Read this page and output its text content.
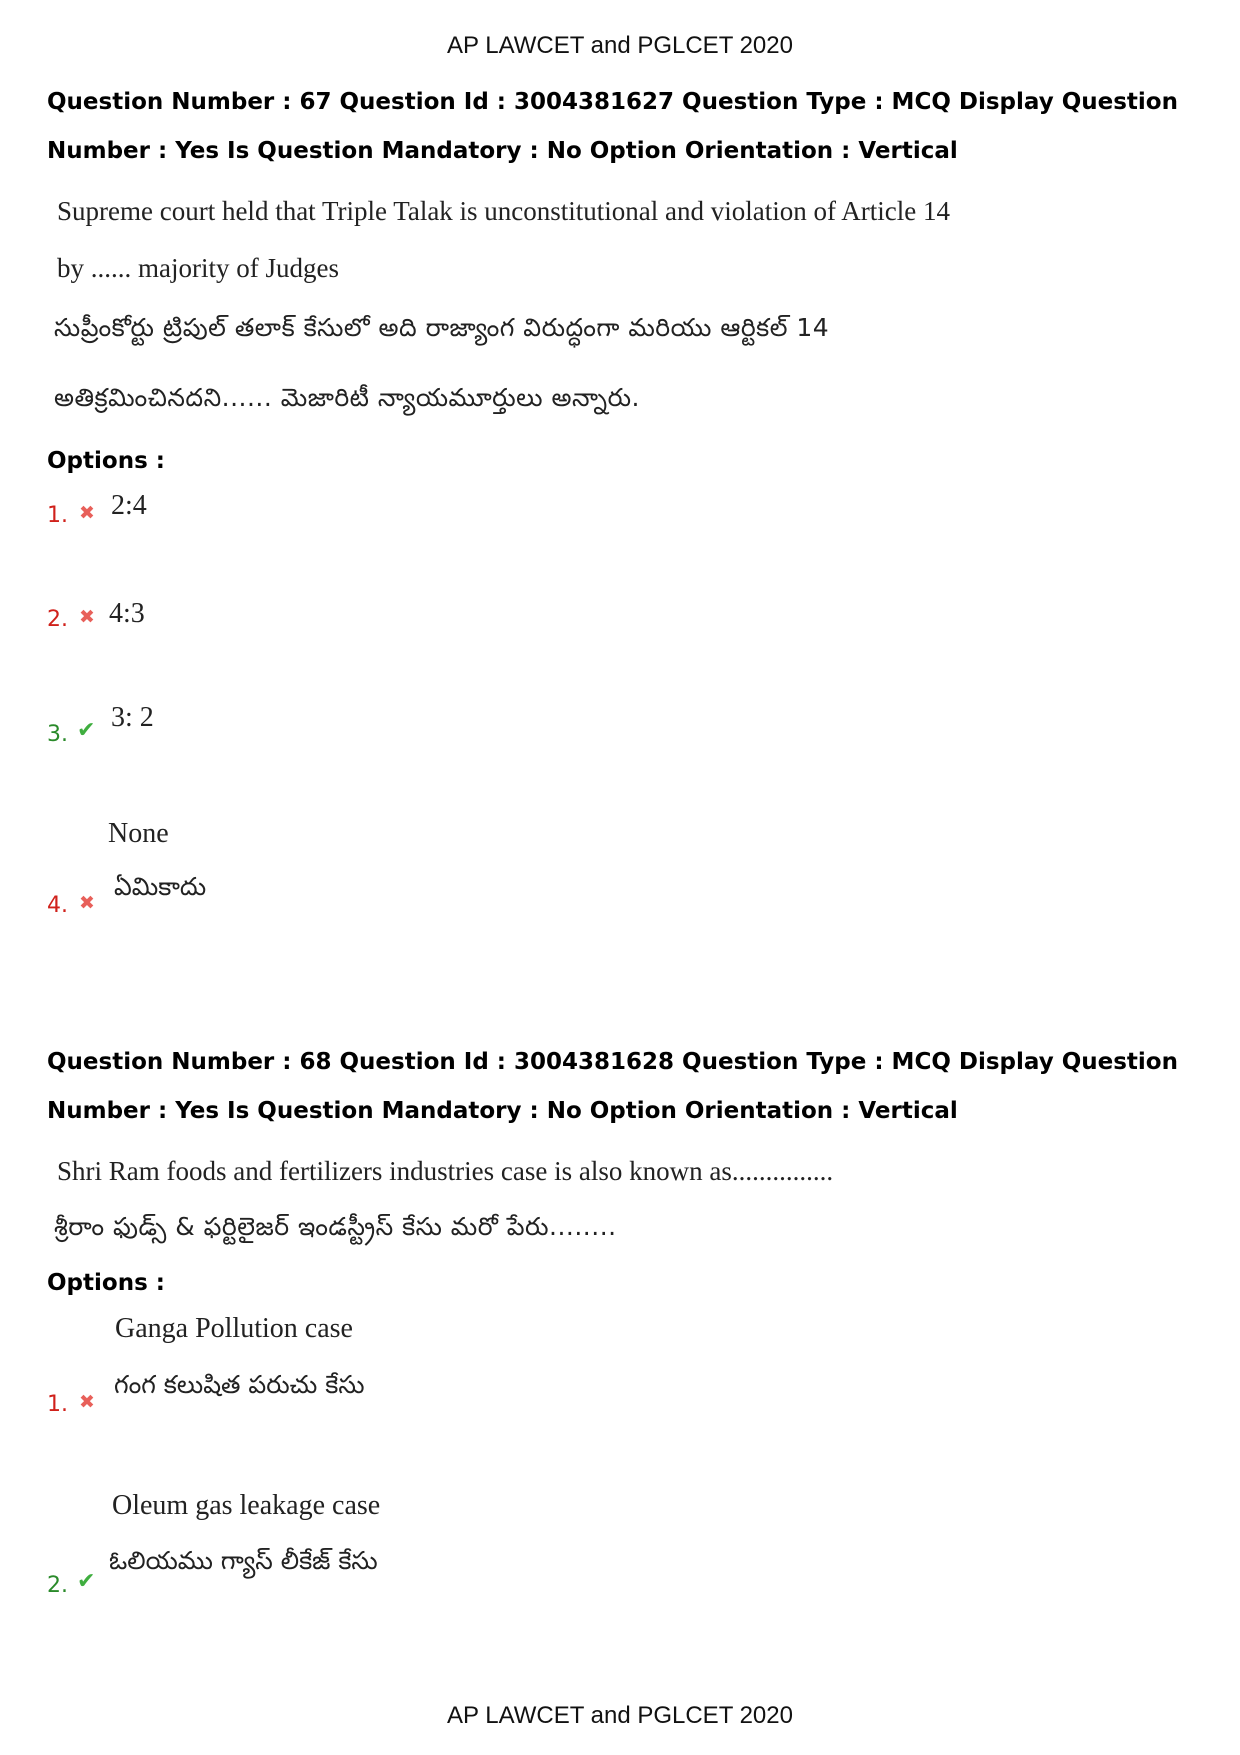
AP LAWCET and PGLCET 2020

Question Number : 67 Question Id : 3004381627 Question Type : MCQ Display Question Number : Yes Is Question Mandatory : No Option Orientation : Vertical

Supreme court held that Triple Talak is unconstitutional and violation of Article 14
by ...... majority of Judges
సుప్రీంకోర్టు ట్రిపుల్ తలాక్ కేసులో అది రాజ్యాంగ విరుద్ధంగా మరియు ఆర్టికల్ 14
అతిక్రమించినదని...... మెజారిటీ న్యాయమూర్తులు అన్నారు.
Options :
1. ✖ 2:4
2. ✖ 4:3
3. ✔ 3: 2
None
ఏమికాదు
4. ✖

Question Number : 68 Question Id : 3004381628 Question Type : MCQ Display Question Number : Yes Is Question Mandatory : No Option Orientation : Vertical

Shri Ram foods and fertilizers industries case is also known as...............
శ్రీరాం ఫుడ్స్ & ఫర్టిలైజర్ ఇండస్ట్రీస్ కేసు మరో పేరు........
Options :
Ganga Pollution case
గంగ కలుషిత పరుచు కేసు
1. ✖
Oleum gas leakage case
ఓలియము గ్యాస్ లీకేజ్ కేసు
2. ✔
AP LAWCET and PGLCET 2020
